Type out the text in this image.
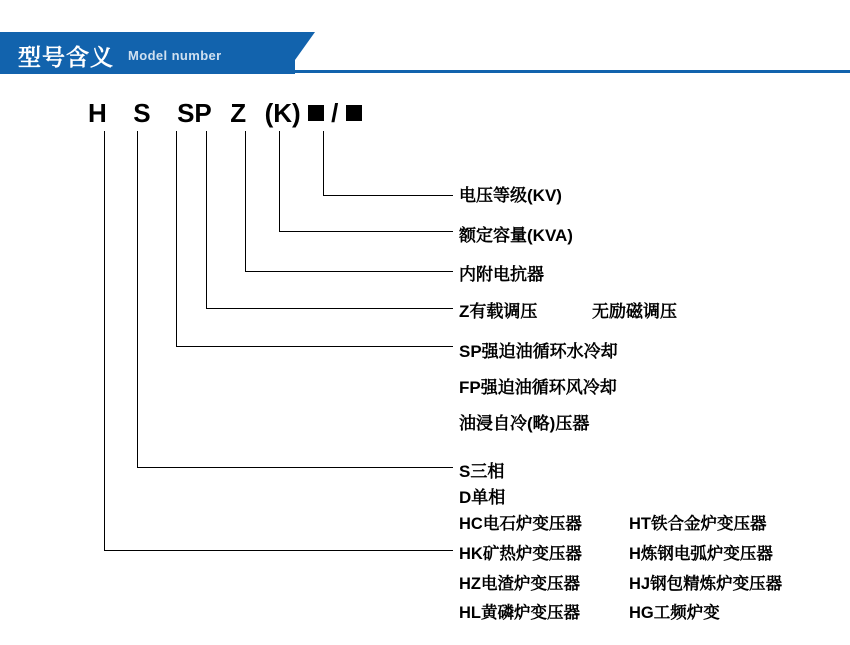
型号含义 Model number
H S SP Z (K) /
电压等级(KV)
额定容量(KVA)
内附电抗器
Z有载调压	无励磁调压
SP强迫油循环水冷却
FP强迫油循环风冷却
油浸自冷(略)压器
S三相
D单相
HC电石炉变压器	HT铁合金炉变压器
HK矿热炉变压器	H炼钢电弧炉变压器
HZ电渣炉变压器	HJ钢包精炼炉变压器
HL黄磷炉变压器	HG工频炉变
